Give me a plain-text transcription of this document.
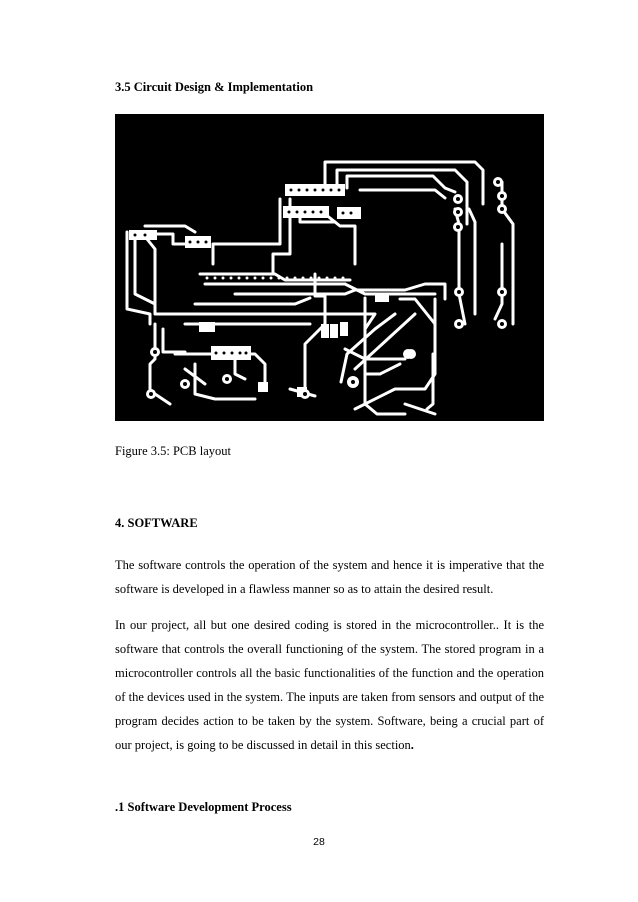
3.5 Circuit Design & Implementation
Figure 3.5: PCB layout
4. SOFTWARE
The software controls the operation of the system and hence it is imperative that the software is developed in a flawless manner so as to attain the desired result.
In our project, all but one desired coding is stored in the microcontroller.. It is the software that controls the overall functioning of the system. The stored program in a microcontroller controls all the basic functionalities of the function and the operation of the devices used in the system. The inputs are taken from sensors and output of the program decides action to be taken by the system. Software, being a crucial part of our project, is going to be discussed in detail in this section.
.1 Software Development Process
28
